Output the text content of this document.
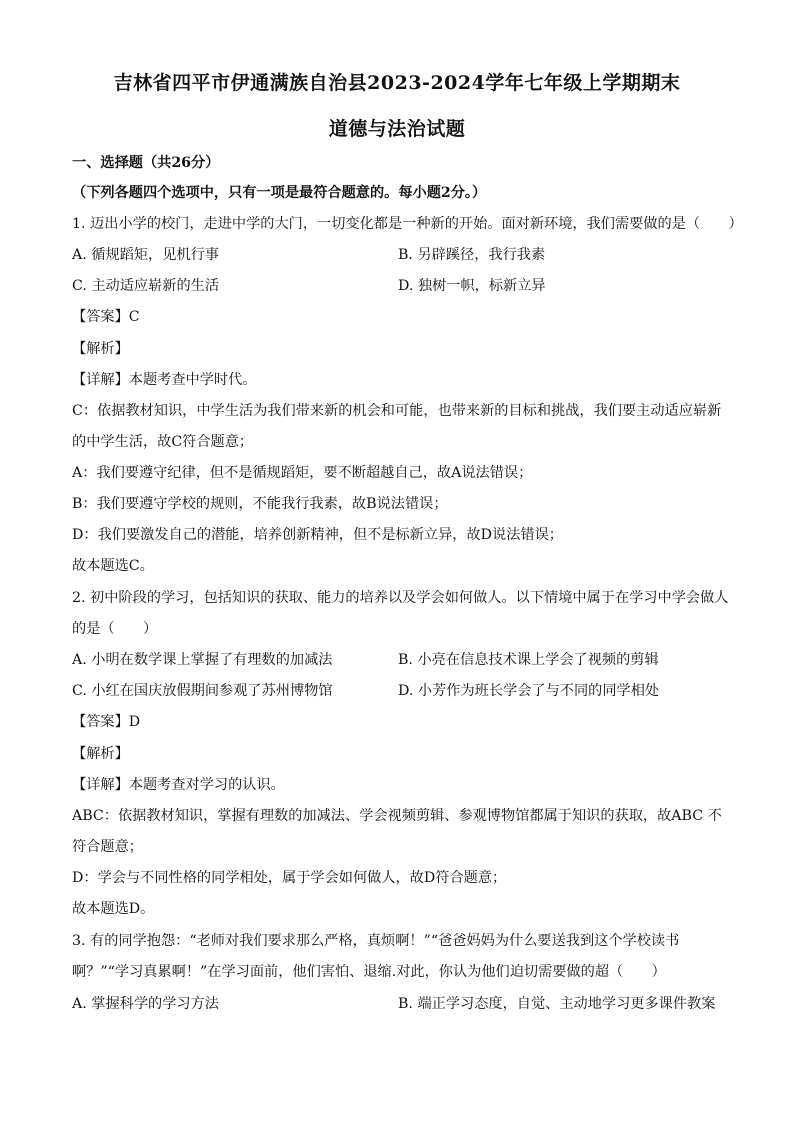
吉林省四平市伊通满族自治县2023-2024学年七年级上学期期末
道德与法治试题
一、选择题（共26分）
（下列各题四个选项中，只有一项是最符合题意的。每小题2分。）
1. 迈出小学的校门，走进中学的大门，一切变化都是一种新的开始。面对新环境，我们需要做的是（　　）
A. 循规蹈矩，见机行事	B. 另辟蹊径，我行我素
C. 主动适应崭新的生活	D. 独树一帜，标新立异
【答案】C
【解析】
【详解】本题考查中学时代。
C：依据教材知识，中学生活为我们带来新的机会和可能，也带来新的目标和挑战，我们要主动适应崭新
的中学生活，故C符合题意；
A：我们要遵守纪律，但不是循规蹈矩，要不断超越自己，故A说法错误；
B：我们要遵守学校的规则，不能我行我素，故B说法错误；
D：我们要激发自己的潜能，培养创新精神，但不是标新立异，故D说法错误；
故本题选C。
2. 初中阶段的学习，包括知识的获取、能力的培养以及学会如何做人。以下情境中属于在学习中学会做人
的是（　　）
A. 小明在数学课上掌握了有理数的加减法	B. 小亮在信息技术课上学会了视频的剪辑
C. 小红在国庆放假期间参观了苏州博物馆	D. 小芳作为班长学会了与不同的同学相处
【答案】D
【解析】
【详解】本题考查对学习的认识。
ABC：依据教材知识，掌握有理数的加减法、学会视频剪辑、参观博物馆都属于知识的获取，故ABC 不
符合题意；
D：学会与不同性格的同学相处，属于学会如何做人，故D符合题意；
故本题选D。
3. 有的同学抱怨：“老师对我们要求那么严格，真烦啊！”“爸爸妈妈为什么要送我到这个学校读书
啊？”“学习真累啊！”在学习面前，他们害怕、退缩.对此，你认为他们迫切需要做的超（　　）
A. 掌握科学的学习方法	B. 端正学习态度，自觉、主动地学习更多课件教案
